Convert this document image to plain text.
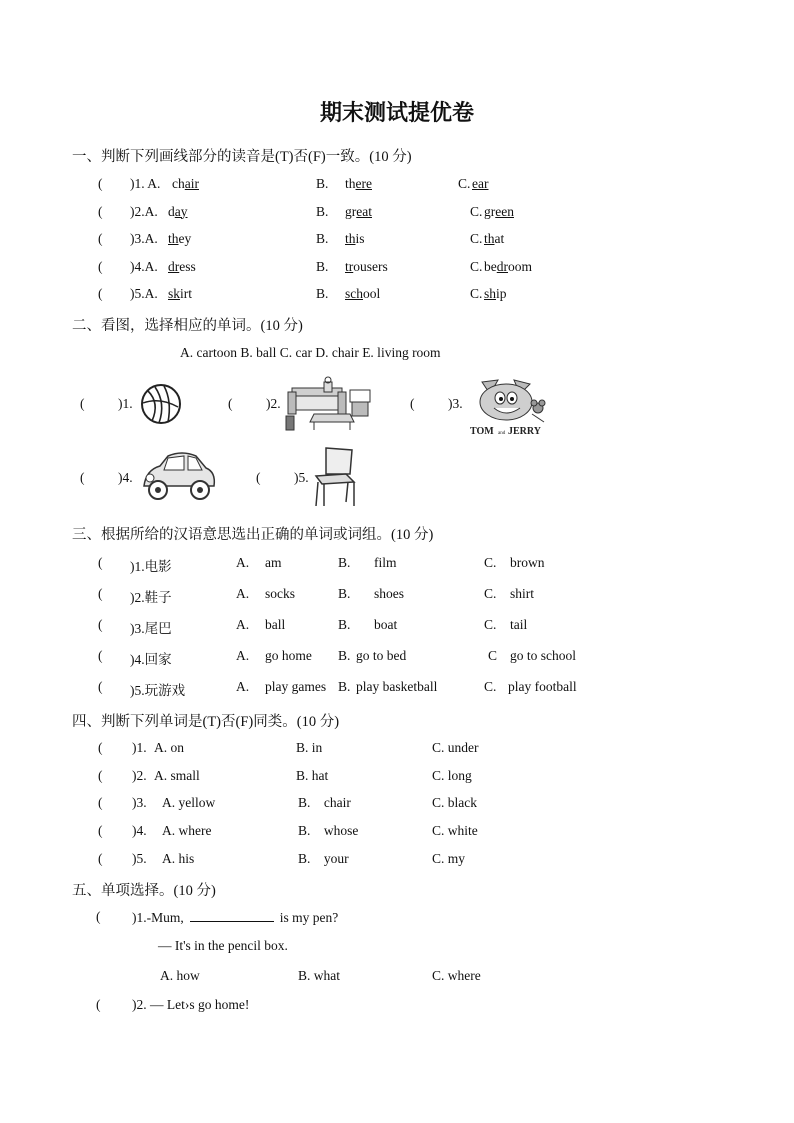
期末测试提优卷
一、判断下列画线部分的读音是(T)否(F)一致。(10 分)
( )1. A. chair	B. there	C. ear
( )2.A. day	B. great	C. green
( )3.A. they	B. this	C. that
( )4.A. dress	B. trousers	C. bedroom
( )5.A. skirt	B. school	C. ship
二、看图，选择相应的单词。(10 分)
A. cartoon B. ball C. car D. chair E. living room
( )1.	( )2.	( )3.
( )4.	( )5.
TOM and JERRY
三、根据所给的汉语意思选出正确的单词或词组。(10 分)
( )1.电影	A. am	B. film	C. brown
( )2.鞋子	A. socks	B. shoes	C. shirt
( )3.尾巴	A. ball	B. boat	C. tail
( )4.回家	A. go home B. go to bed	C go to school
( )5.玩游戏	A. play games B. play basketball	C. play football
四、判断下列单词是(T)否(F)同类。(10 分)
( )1. A. on	B. in	C. under
( )2. A. small	B. hat	C. long
( )3. A. yellow	B.    chair	C. black
( )4. A. where	B.    whose	C. white
( )5. A. his	B.    your	C. my
五、单项选择。(10 分)
( )1.-Mum,	is my pen?
— It's in the pencil box.
A. how	B. what	C. where
( )2. — Let›s go home!
